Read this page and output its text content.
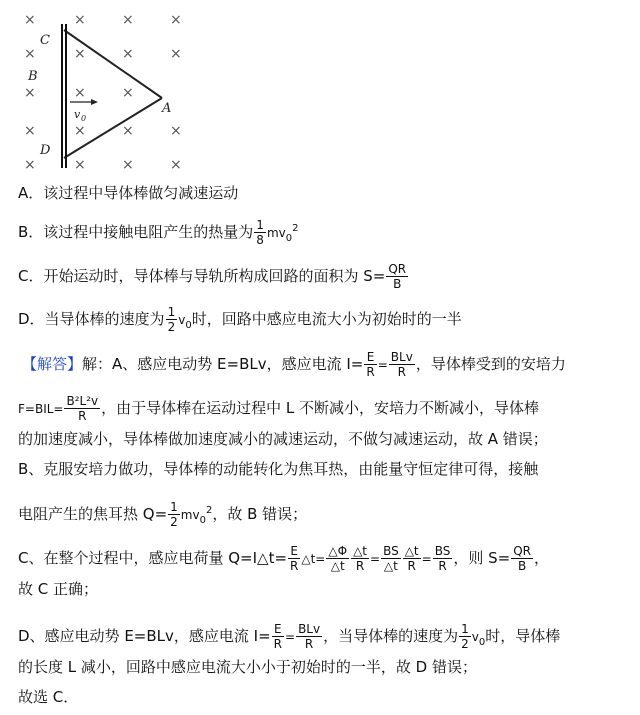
×	×	×	×
×	×	×	×
×	×	×
×	×	×	×
×	×	×	×
C
B
D
A
v 0
A．该过程中导体棒做匀减速运动
B．该过程中接触电阻产生的热量为 $\frac{1}{8} mv_0^2$
C．开始运动时，导体棒与导轨所构成回路的面积为 $S= \frac{QR}{B}$
D．当导体棒的速度为 $\frac{1}{2} v_0$时，回路中感应电流大小为初始时的一半
【解答】解：A、感应电动势 E=BLv，感应电流 $I= \frac{E}{R} = \frac{\text{BLv}}{R}$ ，导体棒受到的安培力
$F=BIL= \frac{\text{B²L²v}}{R}$ ，由于导体棒在运动过程中 L 不断减小，安培力不断减小，导体棒
的加速度减小，导体棒做加速度减小的减速运动，不做匀减速运动，故 A 错误；
B、克服安培力做功，导体棒的动能转化为焦耳热，由能量守恒定律可得，接触
电阻产生的焦耳热 $Q= \frac{1}{2} mv_0^2$，故 B 错误；
C、在整个过程中，感应电荷量 Q=I△t= $\frac{E}{R}$ △t= $\frac{\triangle\Phi}{\triangle t} \frac{\triangle t}{R} = \frac{BS}{\triangle t} \frac{\triangle t}{R} = \frac{BS}{R}$ ，则 $S= \frac{QR}{B}$ ，
故 C 正确；
D、感应电动势 E=BLv，感应电流 $I= \frac{E}{R} = \frac{\text{BLv}}{R}$ ，当导体棒的速度为 $\frac{1}{2} v_0$时，导体棒
的长度 L 减小，回路中感应电流大小小于初始时的一半，故 D 错误；
故选 C．
